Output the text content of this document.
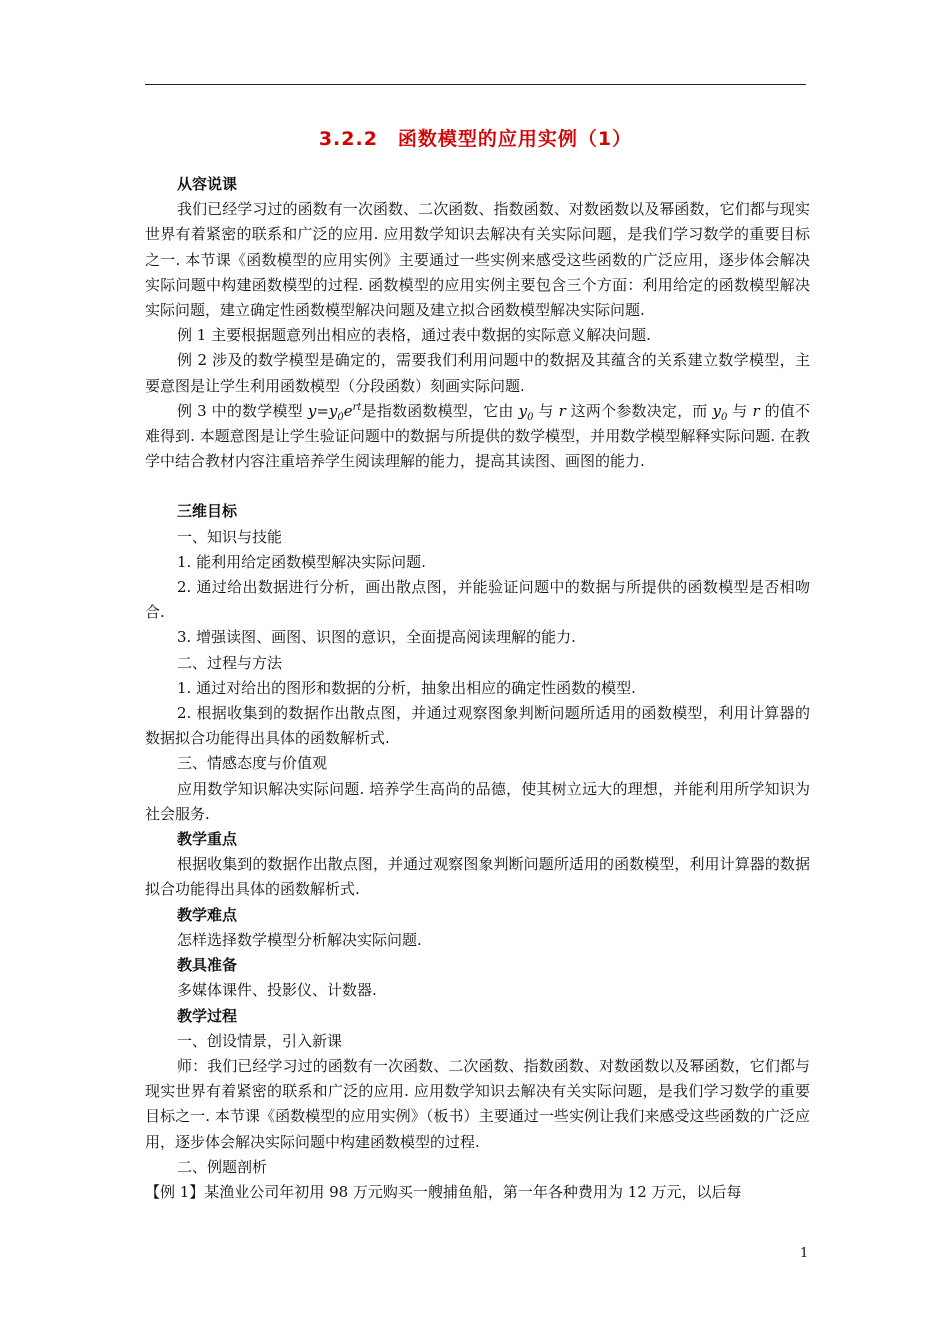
3.2.2　函数模型的应用实例（1）

从容说课

我们已经学习过的函数有一次函数、二次函数、指数函数、对数函数以及幂函数，它们都与现实世界有着紧密的联系和广泛的应用. 应用数学知识去解决有关实际问题，是我们学习数学的重要目标之一. 本节课《函数模型的应用实例》主要通过一些实例来感受这些函数的广泛应用，逐步体会解决实际问题中构建函数模型的过程. 函数模型的应用实例主要包含三个方面：利用给定的函数模型解决实际问题，建立确定性函数模型解决问题及建立拟合函数模型解决实际问题.

例 1 主要根据题意列出相应的表格，通过表中数据的实际意义解决问题.

例 2 涉及的数学模型是确定的，需要我们利用问题中的数据及其蕴含的关系建立数学模型，主要意图是让学生利用函数模型（分段函数）刻画实际问题.

例 3 中的数学模型 $y=y_0e^{rt}$是指数函数模型，它由 $y_0$ 与 r 这两个参数决定，而 $y_0$ 与 r 的值不难得到. 本题意图是让学生验证问题中的数据与所提供的数学模型，并用数学模型解释实际问题. 在教学中结合教材内容注重培养学生阅读理解的能力，提高其读图、画图的能力.

三维目标

一、知识与技能

1. 能利用给定函数模型解决实际问题.

2. 通过给出数据进行分析，画出散点图，并能验证问题中的数据与所提供的函数模型是否相吻合.

3. 增强读图、画图、识图的意识，全面提高阅读理解的能力.

二、过程与方法

1. 通过对给出的图形和数据的分析，抽象出相应的确定性函数的模型.

2. 根据收集到的数据作出散点图，并通过观察图象判断问题所适用的函数模型，利用计算器的数据拟合功能得出具体的函数解析式.

三、情感态度与价值观

应用数学知识解决实际问题. 培养学生高尚的品德，使其树立远大的理想，并能利用所学知识为社会服务.

教学重点

根据收集到的数据作出散点图，并通过观察图象判断问题所适用的函数模型，利用计算器的数据拟合功能得出具体的函数解析式.

教学难点

怎样选择数学模型分析解决实际问题.

教具准备

多媒体课件、投影仪、计数器.

教学过程

一、创设情景，引入新课

师：我们已经学习过的函数有一次函数、二次函数、指数函数、对数函数以及幂函数，它们都与现实世界有着紧密的联系和广泛的应用. 应用数学知识去解决有关实际问题，是我们学习数学的重要目标之一. 本节课《函数模型的应用实例》（板书）主要通过一些实例让我们来感受这些函数的广泛应用，逐步体会解决实际问题中构建函数模型的过程.

二、例题剖析

【例 1】某渔业公司年初用 98 万元购买一艘捕鱼船，第一年各种费用为 12 万元，以后每

1
